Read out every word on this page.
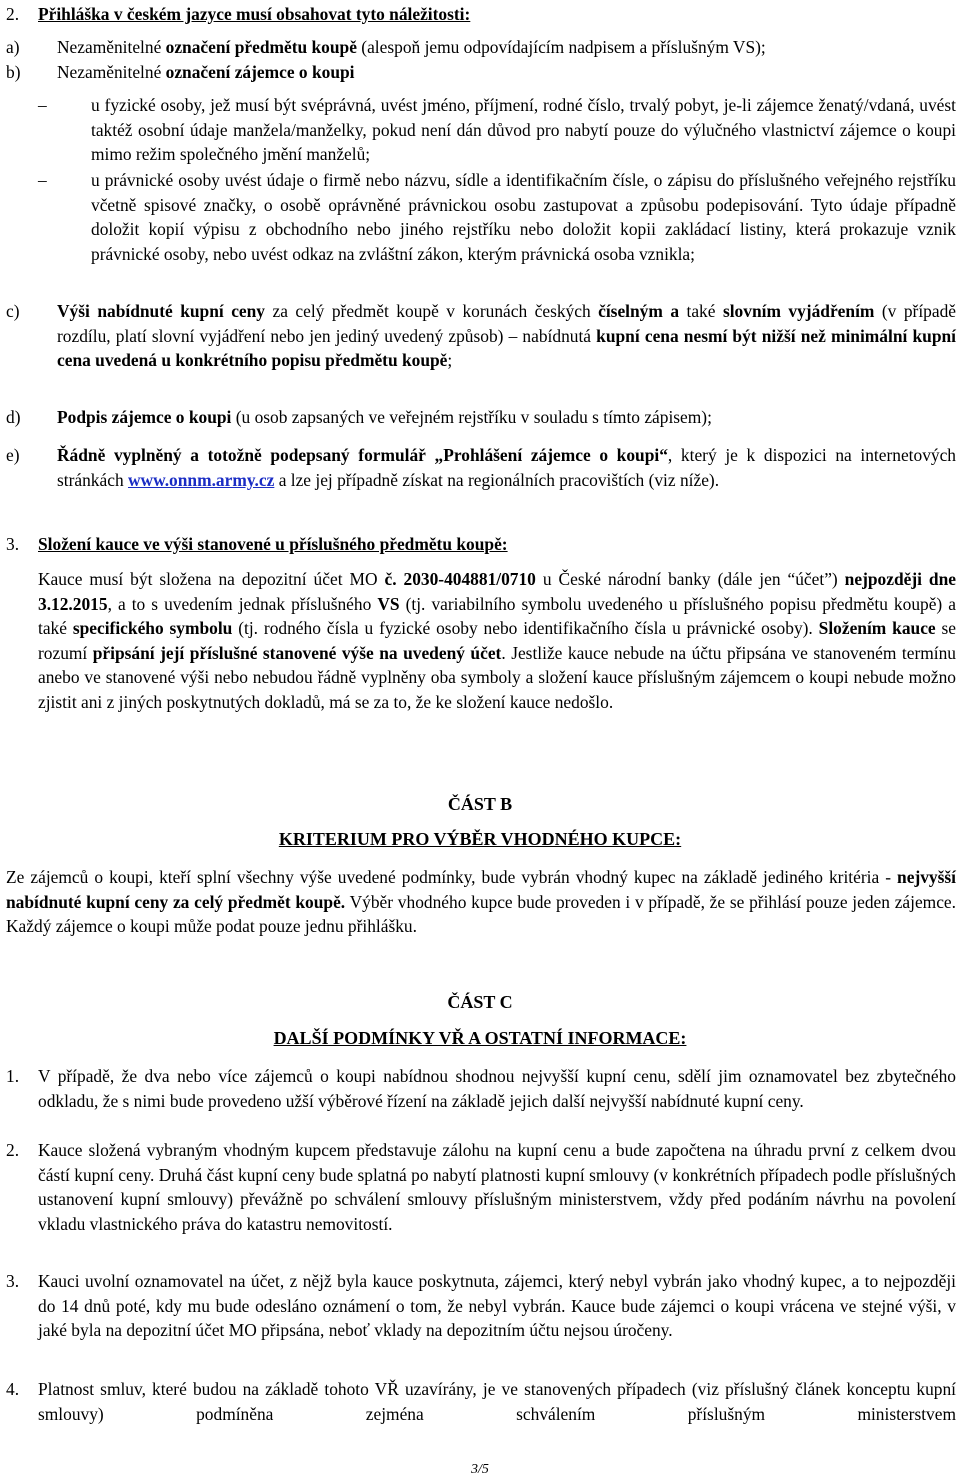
2. Přihláška v českém jazyce musí obsahovat tyto náležitosti:
a) Nezaměnitelné označení předmětu koupě (alespoň jemu odpovídajícím nadpisem a příslušným VS);
b) Nezaměnitelné označení zájemce o koupi
–	u fyzické osoby, jež musí být svéprávná, uvést jméno, příjmení, rodné číslo, trvalý pobyt, je-li zájemce ženatý/vdaná, uvést taktéž osobní údaje manžela/manželky, pokud není dán důvod pro nabytí pouze do výlučného vlastnictví zájemce o koupi mimo režim společného jmění manželů;
–	u právnické osoby uvést údaje o firmě nebo názvu, sídle a identifikačním čísle, o zápisu do příslušného veřejného rejstříku včetně spisové značky, o osobě oprávněné právnickou osobu zastupovat a způsobu podepisování. Tyto údaje případně doložit kopií výpisu z obchodního nebo jiného rejstříku nebo doložit kopii zakládací listiny, která prokazuje vznik právnické osoby, nebo uvést odkaz na zvláštní zákon, kterým právnická osoba vznikla;
c) Výši nabídnuté kupní ceny za celý předmět koupě v korunách českých číselným a také slovním vyjádřením (v případě rozdílu, platí slovní vyjádření nebo jen jediný uvedený způsob) – nabídnutá kupní cena nesmí být nižší než minimální kupní cena uvedená u konkrétního popisu předmětu koupě;
d) Podpis zájemce o koupi (u osob zapsaných ve veřejném rejstříku v souladu s tímto zápisem);
e) Řádně vyplněný a totožně podepsaný formulář „Prohlášení zájemce o koupi“, který je k dispozici na internetových stránkách www.onnm.army.cz a lze jej případně získat na regionálních pracovištích (viz níže).
3. Složení kauce ve výši stanovené u příslušného předmětu koupě:
Kauce musí být složena na depozitní účet MO č. 2030-404881/0710 u České národní banky (dále jen “účet”) nejpozději dne 3.12.2015, a to s uvedením jednak příslušného VS (tj. variabilního symbolu uvedeného u příslušného popisu předmětu koupě) a také specifického symbolu (tj. rodného čísla u fyzické osoby nebo identifikačního čísla u právnické osoby). Složením kauce se rozumí připsání její příslušné stanovené výše na uvedený účet. Jestliže kauce nebude na účtu připsána ve stanoveném termínu anebo ve stanovené výši nebo nebudou řádně vyplněny oba symboly a složení kauce příslušným zájemcem o koupi nebude možno zjistit ani z jiných poskytnutých dokladů, má se za to, že ke složení kauce nedošlo.
ČÁST B
KRITERIUM PRO VÝBĚR VHODNÉHO KUPCE:
Ze zájemců o koupi, kteří splní všechny výše uvedené podmínky, bude vybrán vhodný kupec na základě jediného kritéria - nejvyšší nabídnuté kupní ceny za celý předmět koupě. Výběr vhodného kupce bude proveden i v případě, že se přihlásí pouze jeden zájemce. Každý zájemce o koupi může podat pouze jednu přihlášku.
ČÁST C
DALŠÍ PODMÍNKY VŘ A OSTATNÍ INFORMACE:
1. V případě, že dva nebo více zájemců o koupi nabídnou shodnou nejvyšší kupní cenu, sdělí jim oznamovatel bez zbytečného odkladu, že s nimi bude provedeno užší výběrové řízení na základě jejich další nejvyšší nabídnuté kupní ceny.
2. Kauce složená vybraným vhodným kupcem představuje zálohu na kupní cenu a bude započtena na úhradu první z celkem dvou částí kupní ceny. Druhá část kupní ceny bude splatná po nabytí platnosti kupní smlouvy (v konkrétních případech podle příslušných ustanovení kupní smlouvy) převážně po schválení smlouvy příslušným ministerstvem, vždy před podáním návrhu na povolení vkladu vlastnického práva do katastru nemovitostí.
3. Kauci uvolní oznamovatel na účet, z nějž byla kauce poskytnuta, zájemci, který nebyl vybrán jako vhodný kupec, a to nejpozději do 14 dnů poté, kdy mu bude odesláno oznámení o tom, že nebyl vybrán. Kauce bude zájemci o koupi vrácena ve stejné výši, v jaké byla na depozitní účet MO připsána, neboť vklady na depozitním účtu nejsou úročeny.
4. Platnost smluv, které budou na základě tohoto VŘ uzavírány, je ve stanovených případech (viz příslušný článek konceptu kupní smlouvy) podmíněna zejména schválením příslušným ministerstvem
3/5
